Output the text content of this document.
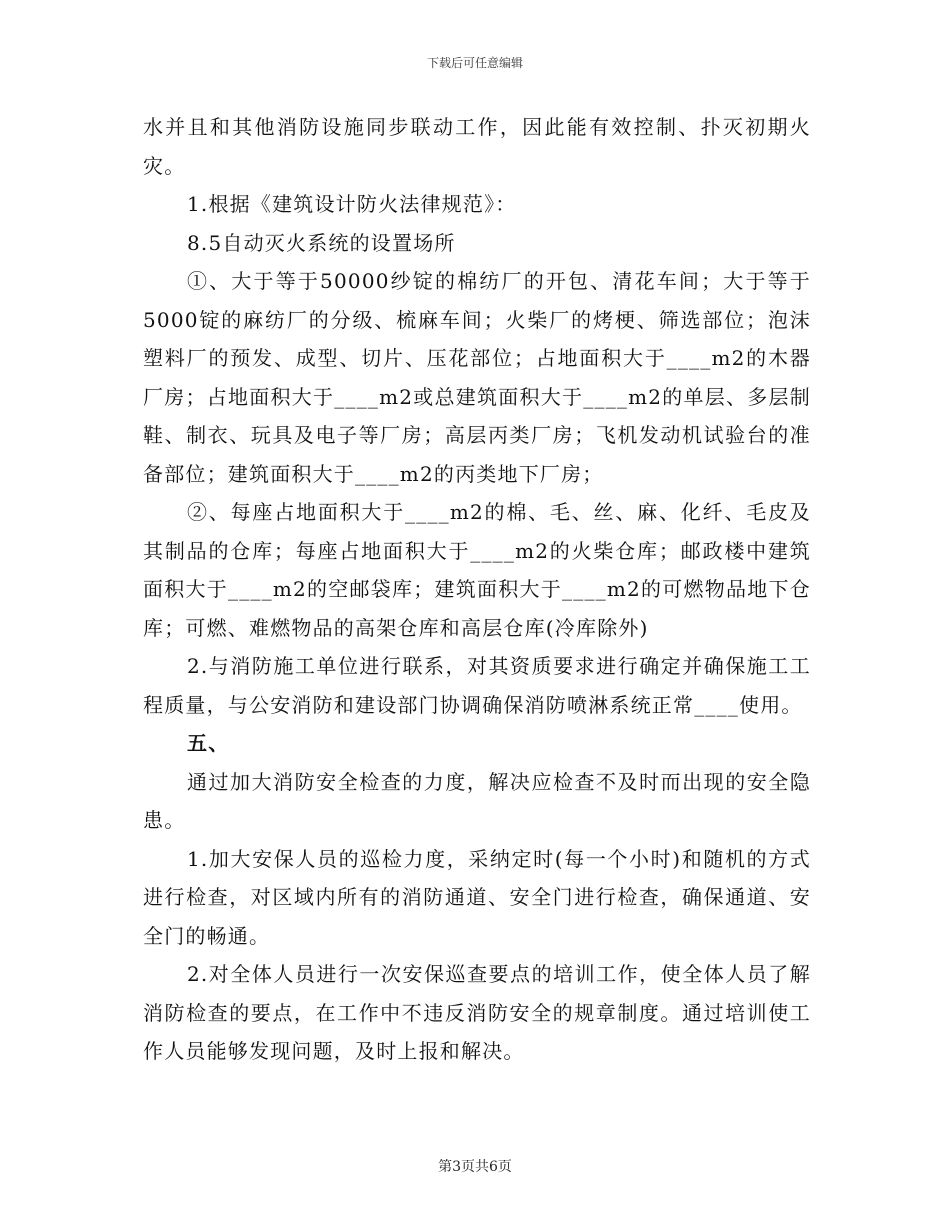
下载后可任意编辑

水并且和其他消防设施同步联动工作，因此能有效控制、扑灭初期火灾。

1.根据《建筑设计防火法律规范》：

8.5自动灭火系统的设置场所

①、大于等于50000纱锭的棉纺厂的开包、清花车间；大于等于5000锭的麻纺厂的分级、梳麻车间；火柴厂的烤梗、筛选部位；泡沫塑料厂的预发、成型、切片、压花部位；占地面积大于____m2的木器厂房；占地面积大于____m2或总建筑面积大于____m2的单层、多层制鞋、制衣、玩具及电子等厂房；高层丙类厂房；飞机发动机试验台的准备部位；建筑面积大于____m2的丙类地下厂房；

②、每座占地面积大于____m2的棉、毛、丝、麻、化纤、毛皮及其制品的仓库；每座占地面积大于____m2的火柴仓库；邮政楼中建筑面积大于____m2的空邮袋库；建筑面积大于____m2的可燃物品地下仓库；可燃、难燃物品的高架仓库和高层仓库(冷库除外)

2.与消防施工单位进行联系，对其资质要求进行确定并确保施工工程质量，与公安消防和建设部门协调确保消防喷淋系统正常____使用。

五、

通过加大消防安全检查的力度，解决应检查不及时而出现的安全隐患。

1.加大安保人员的巡检力度，采纳定时(每一个小时)和随机的方式进行检查，对区域内所有的消防通道、安全门进行检查，确保通道、安全门的畅通。

2.对全体人员进行一次安保巡查要点的培训工作，使全体人员了解消防检查的要点，在工作中不违反消防安全的规章制度。通过培训使工作人员能够发现问题，及时上报和解决。

第3页共6页
